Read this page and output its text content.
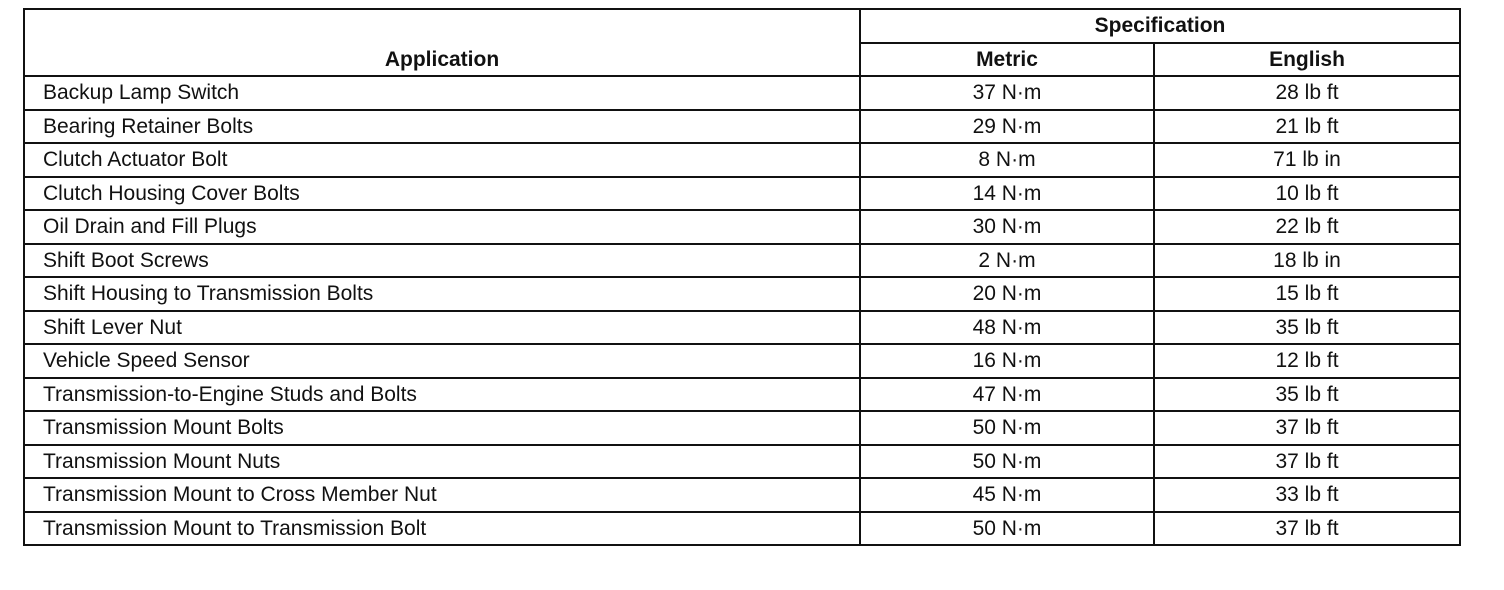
Application	Specification	
	Metric	English
Backup Lamp Switch	37 N·m	28 lb ft
Bearing Retainer Bolts	29 N·m	21 lb ft
Clutch Actuator Bolt	8 N·m	71 lb in
Clutch Housing Cover Bolts	14 N·m	10 lb ft
Oil Drain and Fill Plugs	30 N·m	22 lb ft
Shift Boot Screws	2 N·m	18 lb in
Shift Housing to Transmission Bolts	20 N·m	15 lb ft
Shift Lever Nut	48 N·m	35 lb ft
Vehicle Speed Sensor	16 N·m	12 lb ft
Transmission-to-Engine Studs and Bolts	47 N·m	35 lb ft
Transmission Mount Bolts	50 N·m	37 lb ft
Transmission Mount Nuts	50 N·m	37 lb ft
Transmission Mount to Cross Member Nut	45 N·m	33 lb ft
Transmission Mount to Transmission Bolt	50 N·m	37 lb ft
